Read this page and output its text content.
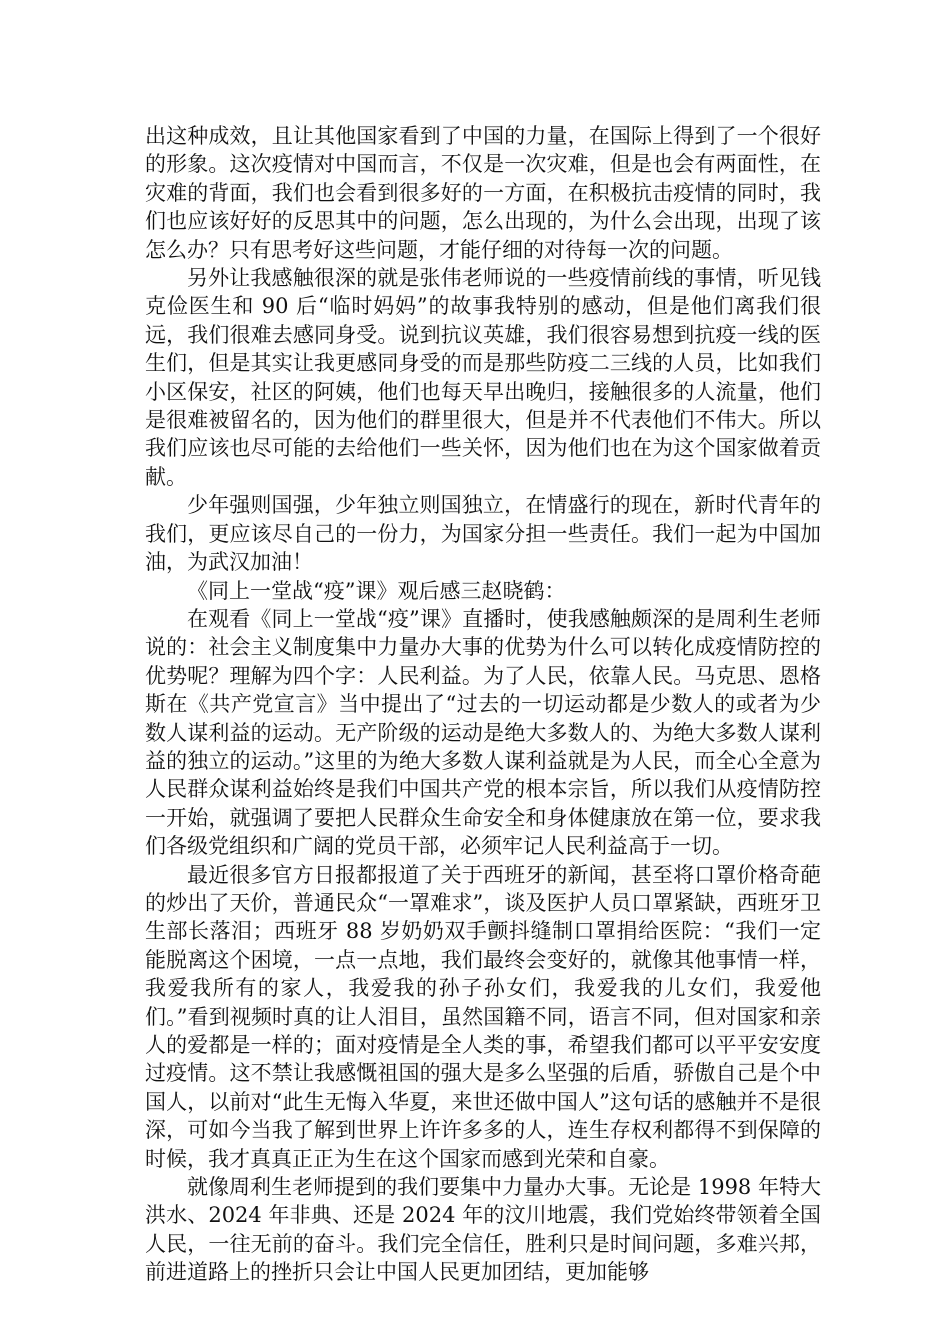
出这种成效，且让其他国家看到了中国的力量，在国际上得到了一个很好的形象。这次疫情对中国而言，不仅是一次灾难，但是也会有两面性，在灾难的背面，我们也会看到很多好的一方面，在积极抗击疫情的同时，我们也应该好好的反思其中的问题，怎么出现的，为什么会出现，出现了该怎么办？只有思考好这些问题，才能仔细的对待每一次的问题。

另外让我感触很深的就是张伟老师说的一些疫情前线的事情，听见钱克俭医生和 90 后“临时妈妈”的故事我特别的感动，但是他们离我们很远，我们很难去感同身受。说到抗议英雄，我们很容易想到抗疫一线的医生们，但是其实让我更感同身受的而是那些防疫二三线的人员，比如我们小区保安，社区的阿姨，他们也每天早出晚归，接触很多的人流量，他们是很难被留名的，因为他们的群里很大，但是并不代表他们不伟大。所以我们应该也尽可能的去给他们一些关怀，因为他们也在为这个国家做着贡献。

少年强则国强，少年独立则国独立，在情盛行的现在，新时代青年的我们，更应该尽自己的一份力，为国家分担一些责任。我们一起为中国加油，为武汉加油！

《同上一堂战“疫”课》观后感三赵晓鹤：

在观看《同上一堂战“疫”课》直播时，使我感触颇深的是周利生老师说的：社会主义制度集中力量办大事的优势为什么可以转化成疫情防控的优势呢？理解为四个字：人民利益。为了人民，依靠人民。马克思、恩格斯在《共产党宣言》当中提出了“过去的一切运动都是少数人的或者为少数人谋利益的运动。无产阶级的运动是绝大多数人的、为绝大多数人谋利益的独立的运动。”这里的为绝大多数人谋利益就是为人民，而全心全意为人民群众谋利益始终是我们中国共产党的根本宗旨，所以我们从疫情防控一开始，就强调了要把人民群众生命安全和身体健康放在第一位，要求我们各级党组织和广阔的党员干部，必须牢记人民利益高于一切。

最近很多官方日报都报道了关于西班牙的新闻，甚至将口罩价格奇葩的炒出了天价，普通民众“一罩难求”，谈及医护人员口罩紧缺，西班牙卫生部长落泪；西班牙 88 岁奶奶双手颤抖缝制口罩捐给医院：“我们一定能脱离这个困境，一点一点地，我们最终会变好的，就像其他事情一样，我爱我所有的家人，我爱我的孙子孙女们，我爱我的儿女们，我爱他们。”看到视频时真的让人泪目，虽然国籍不同，语言不同，但对国家和亲人的爱都是一样的；面对疫情是全人类的事，希望我们都可以平平安安度过疫情。这不禁让我感慨祖国的强大是多么坚强的后盾，骄傲自己是个中国人，以前对“此生无悔入华夏，来世还做中国人”这句话的感触并不是很深，可如今当我了解到世界上许许多多的人，连生存权利都得不到保障的时候，我才真真正正为生在这个国家而感到光荣和自豪。

就像周利生老师提到的我们要集中力量办大事。无论是 1998 年特大洪水、2024 年非典、还是 2024 年的汶川地震，我们党始终带领着全国人民，一往无前的奋斗。我们完全信任，胜利只是时间问题，多难兴邦，前进道路上的挫折只会让中国人民更加团结，更加能够
